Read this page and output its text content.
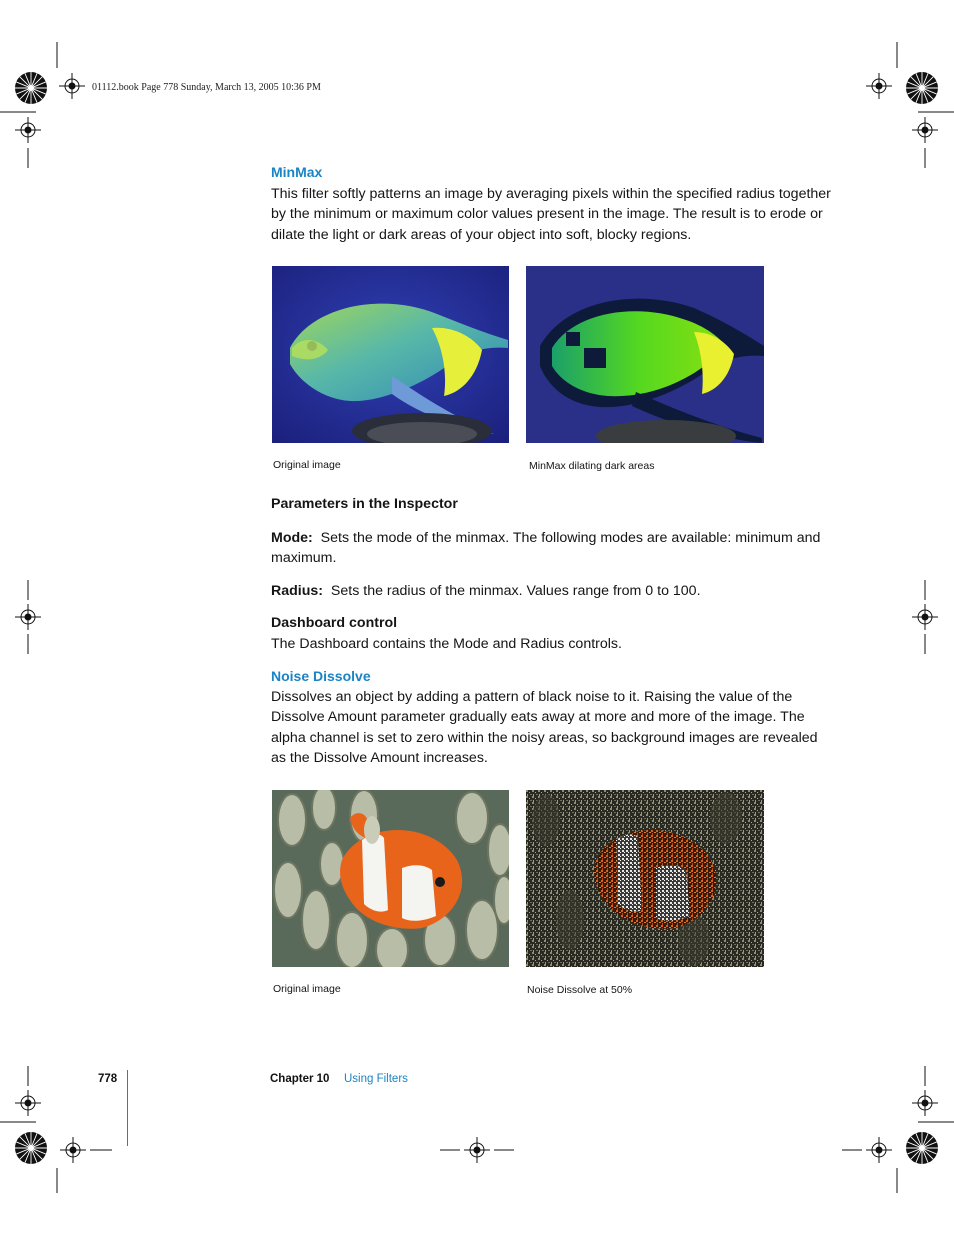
01112.book Page 778 Sunday, March 13, 2005 10:36 PM
MinMax
This filter softly patterns an image by averaging pixels within the specified radius together by the minimum or maximum color values present in the image. The result is to erode or dilate the light or dark areas of your object into soft, blocky regions.
Original image	MinMax dilating dark areas
Parameters in the Inspector
Mode: Sets the mode of the minmax. The following modes are available: minimum and maximum.
Radius: Sets the radius of the minmax. Values range from 0 to 100.
Dashboard control
The Dashboard contains the Mode and Radius controls.
Noise Dissolve
Dissolves an object by adding a pattern of black noise to it. Raising the value of the Dissolve Amount parameter gradually eats away at more and more of the image. The alpha channel is set to zero within the noisy areas, so background images are revealed as the Dissolve Amount increases.
Original image	Noise Dissolve at 50%
778	Chapter 10 Using Filters
